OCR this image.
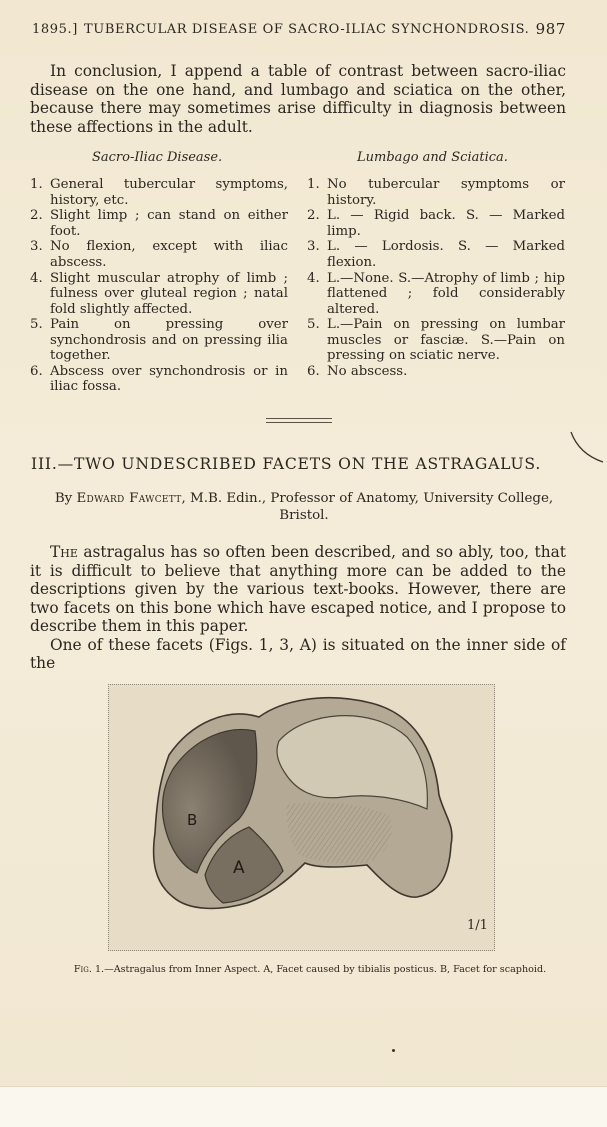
1895.] TUBERCULAR DISEASE OF SACRO-ILIAC SYNCHONDROSIS. 987

In conclusion, I append a table of contrast between sacro-iliac disease on the one hand, and lumbago and sciatica on the other, because there may sometimes arise difficulty in diagnosis between these affections in the adult.

Sacro-Iliac Disease.	Lumbago and Sciatica.
1. General tubercular symptoms, history, etc.
2. Slight limp ; can stand on either foot.
3. No flexion, except with iliac abscess.
4. Slight muscular atrophy of limb ; fulness over gluteal region ; natal fold slightly affected.
5. Pain on pressing over synchondrosis and on pressing ilia together.
6. Abscess over synchondrosis or in iliac fossa.
1. No tubercular symptoms or history.
2. L. — Rigid back. S. — Marked limp.
3. L. — Lordosis. S. — Marked flexion.
4. L.—None. S.—Atrophy of limb ; hip flattened ; fold considerably altered.
5. L.—Pain on pressing on lumbar muscles or fasciæ. S.—Pain on pressing on sciatic nerve.
6. No abscess.
III.—TWO UNDESCRIBED FACETS ON THE ASTRAGALUS.
By Edward Fawcett, M.B. Edin., Professor of Anatomy, University College, Bristol.

The astragalus has so often been described, and so ably, too, that it is difficult to believe that anything more can be added to the descriptions given by the various text-books. However, there are two facets on this bone which have escaped notice, and I propose to describe them in this paper.

One of these facets (Figs. 1, 3, A) is situated on the inner side of the

B
A
1/1
Fig. 1.—Astragalus from Inner Aspect. A, Facet caused by tibialis posticus. B, Facet for scaphoid.
